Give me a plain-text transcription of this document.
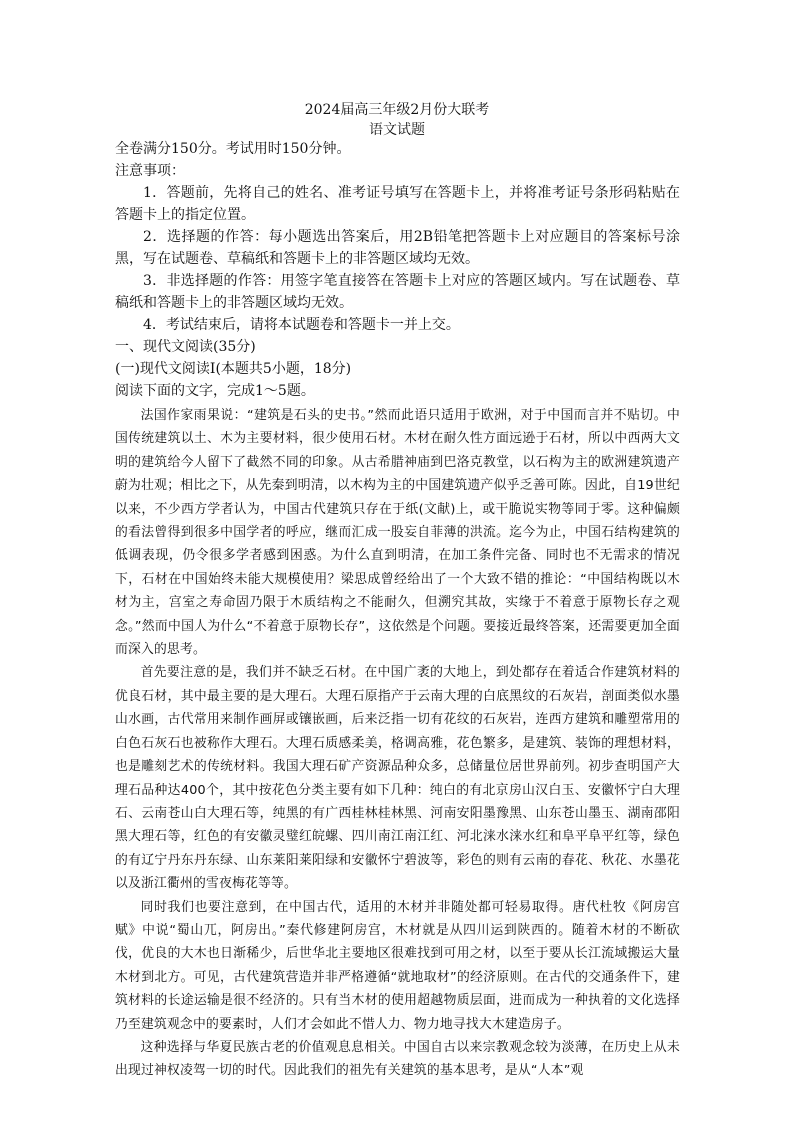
2024届高三年级2月份大联考
语文试题

全卷满分150分。考试用时150分钟。

注意事项：

1．答题前，先将自己的姓名、准考证号填写在答题卡上，并将准考证号条形码粘贴在答题卡上的指定位置。

2．选择题的作答：每小题选出答案后，用2B铅笔把答题卡上对应题目的答案标号涂黑，写在试题卷、草稿纸和答题卡上的非答题区域均无效。

3．非选择题的作答：用签字笔直接答在答题卡上对应的答题区域内。写在试题卷、草稿纸和答题卡上的非答题区域均无效。

4．考试结束后，请将本试题卷和答题卡一并上交。

一、现代文阅读(35分)

(一)现代文阅读Ⅰ(本题共5小题，18分)

阅读下面的文字，完成1～5题。

法国作家雨果说：“建筑是石头的史书。”然而此语只适用于欧洲，对于中国而言并不贴切。中国传统建筑以土、木为主要材料，很少使用石材。木材在耐久性方面远逊于石材，所以中西两大文明的建筑给今人留下了截然不同的印象。从古希腊神庙到巴洛克教堂，以石构为主的欧洲建筑遗产蔚为壮观；相比之下，从先秦到明清，以木构为主的中国建筑遗产似乎乏善可陈。因此，自19世纪以来，不少西方学者认为，中国古代建筑只存在于纸(文献)上，或干脆说实物等同于零。这种偏颇的看法曾得到很多中国学者的呼应，继而汇成一股妄自菲薄的洪流。迄今为止，中国石结构建筑的低调表现，仍令很多学者感到困惑。为什么直到明清，在加工条件完备、同时也不无需求的情况下，石材在中国始终未能大规模使用？梁思成曾经给出了一个大致不错的推论：“中国结构既以木材为主，宫室之寿命固乃限于木质结构之不能耐久，但溯究其故，实缘于不着意于原物长存之观念。”然而中国人为什么“不着意于原物长存”，这依然是个问题。要接近最终答案，还需要更加全面而深入的思考。

首先要注意的是，我们并不缺乏石材。在中国广袤的大地上，到处都存在着适合作建筑材料的优良石材，其中最主要的是大理石。大理石原指产于云南大理的白底黑纹的石灰岩，剖面类似水墨山水画，古代常用来制作画屏或镶嵌画，后来泛指一切有花纹的石灰岩，连西方建筑和雕塑常用的白色石灰石也被称作大理石。大理石质感柔美，格调高雅，花色繁多，是建筑、装饰的理想材料，也是雕刻艺术的传统材料。我国大理石矿产资源品种众多，总储量位居世界前列。初步查明国产大理石品种达400个，其中按花色分类主要有如下几种：纯白的有北京房山汉白玉、安徽怀宁白大理石、云南苍山白大理石等，纯黑的有广西桂林桂林黑、河南安阳墨豫黑、山东苍山墨玉、湖南邵阳黑大理石等，红色的有安徽灵璧红皖螺、四川南江南江红、河北涞水涞水红和阜平阜平红等，绿色的有辽宁丹东丹东绿、山东莱阳莱阳绿和安徽怀宁碧波等，彩色的则有云南的春花、秋花、水墨花以及浙江衢州的雪夜梅花等等。

同时我们也要注意到，在中国古代，适用的木材并非随处都可轻易取得。唐代杜牧《阿房宫赋》中说“蜀山兀，阿房出。”秦代修建阿房宫，木材就是从四川运到陕西的。随着木材的不断砍伐，优良的大木也日渐稀少，后世华北主要地区很难找到可用之材，以至于要从长江流域搬运大量木材到北方。可见，古代建筑营造并非严格遵循“就地取材”的经济原则。在古代的交通条件下，建筑材料的长途运输是很不经济的。只有当木材的使用超越物质层面，进而成为一种执着的文化选择乃至建筑观念中的要素时，人们才会如此不惜人力、物力地寻找大木建造房子。

这种选择与华夏民族古老的价值观息息相关。中国自古以来宗教观念较为淡薄，在历史上从未出现过神权凌驾一切的时代。因此我们的祖先有关建筑的基本思考，是从“人本”观
